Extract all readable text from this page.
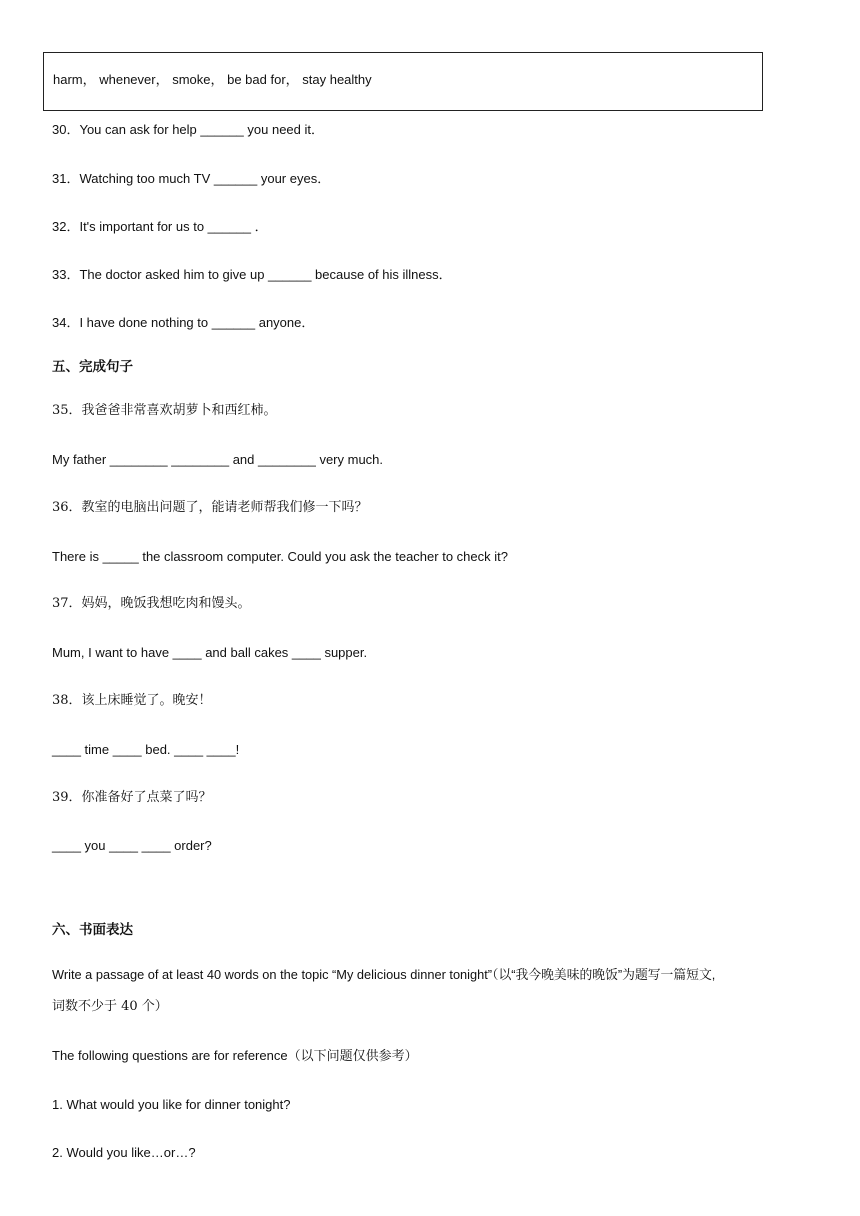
harm， whenever， smoke， be bad for， stay healthy
30．You can ask for help ______ you need it．
31．Watching too much TV ______ your eyes．
32．It's important for us to ______ ．
33．The doctor asked him to give up ______ because of his illness．
34．I have done nothing to ______ anyone．
五、完成句子
35．我爸爸非常喜欢胡萝卜和西红柿。
My father ________ ________ and ________ very much.
36．教室的电脑出问题了，能请老师帮我们修一下吗？
There is _____ the classroom computer. Could you ask the teacher to check it?
37．妈妈，晚饭我想吃肉和馒头。
Mum, I want to have ____ and ball cakes ____ supper.
38．该上床睡觉了。晚安！
____ time ____ bed. ____ ____!
39．你准备好了点菜了吗？
____ you ____ ____ order?
六、书面表达
Write a passage of at least 40 words on the topic “My delicious dinner tonight”（以“我今晚美味的晚饭”为题写一篇短文,
词数不少于 40 个）
The following questions are for reference（以下问题仅供参考）
1. What would you like for dinner tonight?
2. Would you like…or…?
